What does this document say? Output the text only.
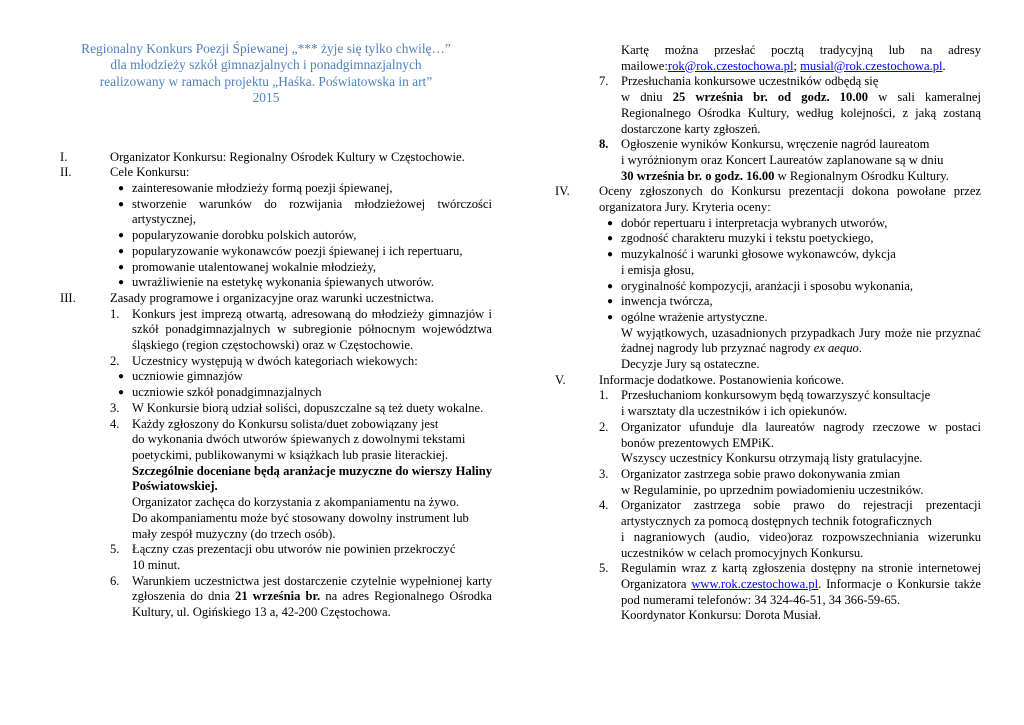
Regionalny Konkurs Poezji Śpiewanej „*** żyje się tylko chwilę…”
dla młodzieży szkół gimnazjalnych i ponadgimnazjalnych
realizowany w ramach projektu „Haśka. Poświatowska in art”
2015
I.	Organizator Konkursu: Regionalny Ośrodek Kultury w Częstochowie.
II.	Cele Konkursu:
● zainteresowanie młodzieży formą poezji śpiewanej,
● stworzenie warunków do rozwijania młodzieżowej twórczości artystycznej,
● popularyzowanie dorobku polskich autorów,
● popularyzowanie wykonawców poezji śpiewanej i ich repertuaru,
● promowanie utalentowanej wokalnie młodzieży,
● uwrażliwienie na estetykę wykonania śpiewanych utworów.
III.	Zasady programowe i organizacyjne oraz warunki uczestnictwa.
1. Konkurs jest imprezą otwartą, adresowaną do młodzieży gimnazjów i szkół ponadgimnazjalnych w subregionie północnym województwa śląskiego (region częstochowski) oraz w Częstochowie.
2. Uczestnicy występują w dwóch kategoriach wiekowych:
● uczniowie gimnazjów
● uczniowie szkół ponadgimnazjalnych
3. W Konkursie biorą udział soliści, dopuszczalne są też duety wokalne.
4. Każdy zgłoszony do Konkursu solista/duet zobowiązany jest
do wykonania dwóch utworów śpiewanych z dowolnymi tekstami poetyckimi, publikowanymi w książkach lub prasie literackiej.
Szczególnie doceniane będą aranżacje muzyczne do wierszy Haliny Poświatowskiej.
Organizator zachęca do korzystania z akompaniamentu na żywo.
Do akompaniamentu może być stosowany dowolny instrument lub mały zespół muzyczny (do trzech osób).
5. Łączny czas prezentacji obu utworów nie powinien przekroczyć
10 minut.
6. Warunkiem uczestnictwa jest dostarczenie czytelnie wypełnionej karty zgłoszenia do dnia 21 września br. na adres Regionalnego Ośrodka Kultury, ul. Ogińskiego 13 a, 42-200 Częstochowa.
Kartę można przesłać pocztą tradycyjną lub na adresy mailowe:rok@rok.czestochowa.pl; musial@rok.czestochowa.pl.
7. Przesłuchania konkursowe uczestników odbędą się
w dniu 25 września br. od godz. 10.00 w sali kameralnej Regionalnego Ośrodka Kultury, według kolejności, z jaką zostaną dostarczone karty zgłoszeń.
8. Ogłoszenie wyników Konkursu, wręczenie nagród laureatom
i wyróżnionym oraz Koncert Laureatów zaplanowane są w dniu
30 września br. o godz. 16.00 w Regionalnym Ośrodku Kultury.
IV.	Oceny zgłoszonych do Konkursu prezentacji dokona powołane przez organizatora Jury. Kryteria oceny:
● dobór repertuaru i interpretacja wybranych utworów,
● zgodność charakteru muzyki i tekstu poetyckiego,
● muzykalność i warunki głosowe wykonawców, dykcja
i emisja głosu,
● oryginalność kompozycji, aranżacji i sposobu wykonania,
● inwencja twórcza,
● ogólne wrażenie artystyczne.
W wyjątkowych, uzasadnionych przypadkach Jury może nie przyznać żadnej nagrody lub przyznać nagrody ex aequo.
Decyzje Jury są ostateczne.
V.	Informacje dodatkowe. Postanowienia końcowe.
1. Przesłuchaniom konkursowym będą towarzyszyć konsultacje
i warsztaty dla uczestników i ich opiekunów.
2. Organizator ufunduje dla laureatów nagrody rzeczowe w postaci bonów prezentowych EMPiK.
Wszyscy uczestnicy Konkursu otrzymają listy gratulacyjne.
3. Organizator zastrzega sobie prawo dokonywania zmian
w Regulaminie, po uprzednim powiadomieniu uczestników.
4. Organizator zastrzega sobie prawo do rejestracji prezentacji artystycznych za pomocą dostępnych technik fotograficznych
i nagraniowych (audio, video)oraz rozpowszechniania wizerunku uczestników w celach promocyjnych Konkursu.
5. Regulamin wraz z kartą zgłoszenia dostępny na stronie internetowej Organizatora www.rok.czestochowa.pl. Informacje o Konkursie także pod numerami telefonów: 34 324-46-51, 34 366-59-65.
Koordynator Konkursu: Dorota Musiał.
